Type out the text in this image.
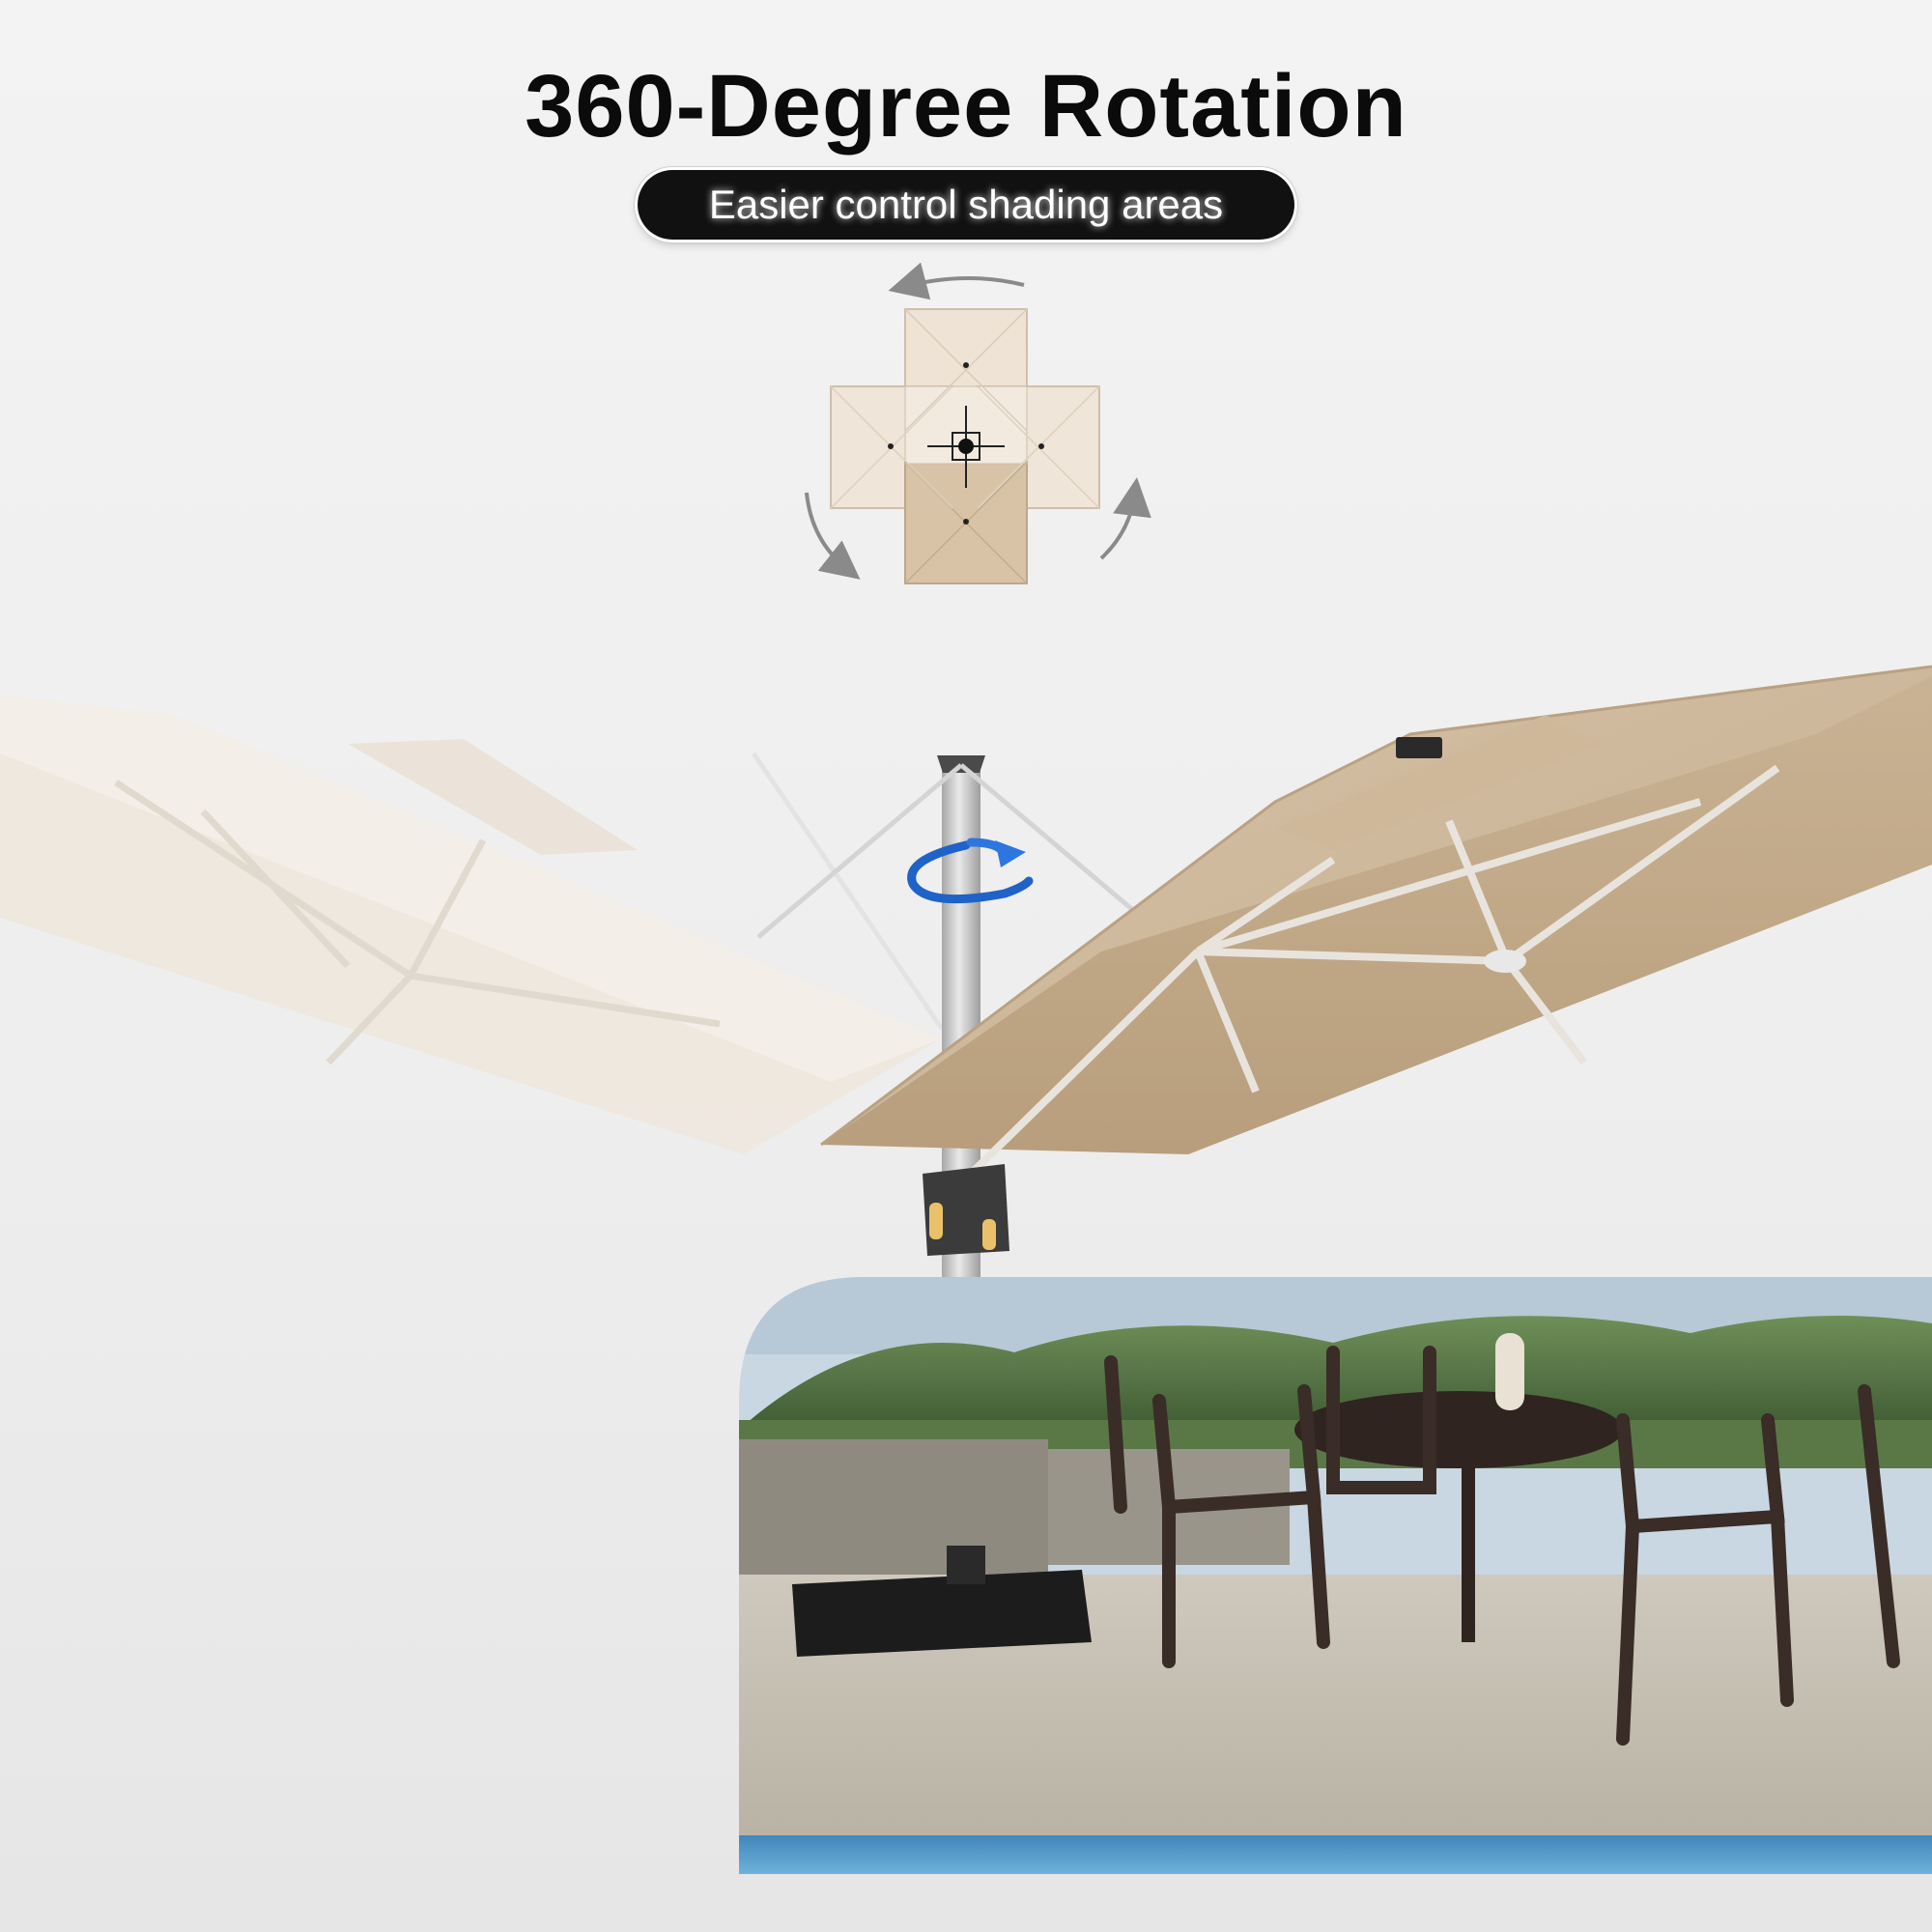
360-Degree Rotation
Easier control shading areas
